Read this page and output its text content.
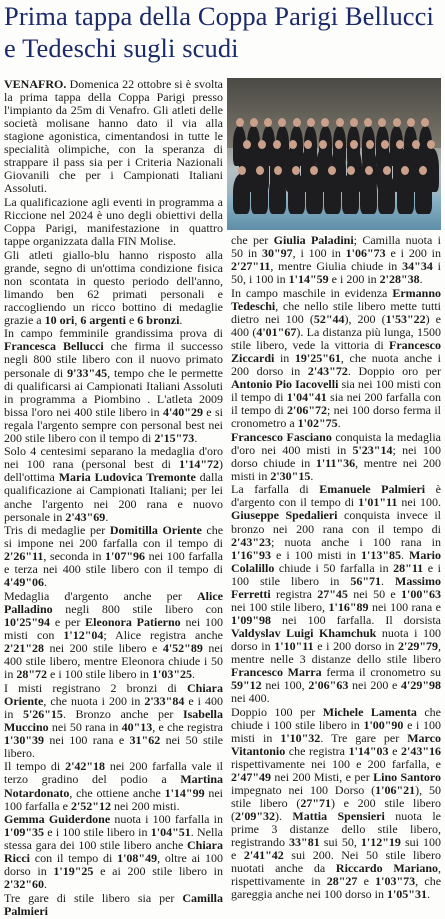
Prima tappa della Coppa Parigi Bellucci e Tedeschi sugli scudi

VENAFRO. Domenica 22 ottobre si è svolta la prima tappa della Coppa Parigi presso l'impianto da 25m di Venafro. Gli atleti delle società molisane hanno dato il via alla stagione agonistica, cimentandosi in tutte le specialità olimpiche, con la speranza di strappare il pass sia per i Criteria Nazionali Giovanili che per i Campionati Italiani Assoluti.

La qualificazione agli eventi in programma a Riccione nel 2024 è uno degli obiettivi della Coppa Parigi, manifestazione in quattro tappe organizzata dalla FIN Molise.

Gli atleti giallo-blu hanno risposto alla grande, segno di un'ottima condizione fisica non scontata in questo periodo dell'anno, limando ben 62 primati personali e raccogliendo un ricco bottino di medaglie grazie a 10 ori, 6 argenti e 6 bronzi.

In campo femminile grandissima prova di Francesca Bellucci che firma il successo negli 800 stile libero con il nuovo primato personale di 9'33"45, tempo che le permette di qualificarsi ai Campionati Italiani Assoluti in programma a Piombino . L'atleta 2009 bissa l'oro nei 400 stile libero in 4'40"29 e si regala l'argento sempre con personal best nei 200 stile libero con il tempo di 2'15"73.

Solo 4 centesimi separano la medaglia d'oro nei 100 rana (personal best di 1'14"72) dell'ottima Maria Ludovica Tremonte dalla qualificazione ai Campionati Italiani; per lei anche l'argento nei 200 rana e nuovo personale in 2'43"69.

Tris di medaglie per Domitilla Oriente che si impone nei 200 farfalla con il tempo di 2'26"11, seconda in 1'07"96 nei 100 farfalla e terza nei 400 stile libero con il tempo di 4'49"06.

Medaglia d'argento anche per Alice Palladino negli 800 stile libero con 10'25"94 e per Eleonora Patierno nei 100 misti con 1'12"04; Alice registra anche 2'21"28 nei 200 stile libero e 4'52"89 nei 400 stile libero, mentre Eleonora chiude i 50 in 28"72 e i 100 stile libero in 1'03"25.

I misti registrano 2 bronzi di Chiara Oriente, che nuota i 200 in 2'33"84 e i 400 in 5'26"15. Bronzo anche per Isabella Muccino nei 50 rana in 40"13, e che registra 1'30"39 nei 100 rana e 31"62 nei 50 stile libero.

Il tempo di 2'42"18 nei 200 farfalla vale il terzo gradino del podio a Martina Notardonato, che ottiene anche 1'14"99 nei 100 farfalla e 2'52"12 nei 200 misti.

Gemma Guiderdone nuota i 100 farfalla in 1'09"35 e i 100 stile libero in 1'04"51. Nella stessa gara dei 100 stile libero anche Chiara Ricci con il tempo di 1'08"49, oltre ai 100 dorso in 1'19"25 e ai 200 stile libero in 2'32"60.

Tre gare di stile libero sia per Camilla Palmieri

che per Giulia Paladini; Camilla nuota i 50 in 30"97, i 100 in 1'06"73 e i 200 in 2'27"11, mentre Giulia chiude in 34"34 i 50, i 100 in 1'14"59 e i 200 in 2'28"38.

In campo maschile in evidenza Ermanno Tedeschi, che nello stile libero mette tutti dietro nei 100 (52"44), 200 (1'53"22) e 400 (4'01"67). La distanza più lunga, 1500 stile libero, vede la vittoria di Francesco Ziccardi in 19'25"61, che nuota anche i 200 dorso in 2'43"72. Doppio oro per Antonio Pio Iacovelli sia nei 100 misti con il tempo di 1'04"41 sia nei 200 farfalla con il tempo di 2'06"72; nei 100 dorso ferma il cronometro a 1'02"75.

Francesco Fasciano conquista la medaglia d'oro nei 400 misti in 5'23"14; nei 100 dorso chiude in 1'11"36, mentre nei 200 misti in 2'30"15.

La farfalla di Emanuele Palmieri è d'argento con il tempo di 1'01"11 nei 100. Giuseppe Spedalieri conquista invece il bronzo nei 200 rana con il tempo di 2'43"23; nuota anche i 100 rana in 1'16"93 e i 100 misti in 1'13"85. Mario Colalillo chiude i 50 farfalla in 28"11 e i 100 stile libero in 56"71. Massimo Ferretti registra 27"45 nei 50 e 1'00"63 nei 100 stile libero, 1'16"89 nei 100 rana e 1'09"98 nei 100 farfalla. Il dorsista Valdyslav Luigi Khamchuk nuota i 100 dorso in 1'10"11 e i 200 dorso in 2'29"79, mentre nelle 3 distanze dello stile libero Francesco Marra ferma il cronometro su 59"12 nei 100, 2'06"63 nei 200 e 4'29"98 nei 400.

Doppio 100 per Michele Lamenta che chiude i 100 stile libero in 1'00"90 e i 100 misti in 1'10"32. Tre gare per Marco Vitantonio che registra 1'14"03 e 2'43"16 rispettivamente nei 100 e 200 farfalla, e 2'47"49 nei 200 Misti, e per Lino Santoro impegnato nei 100 Dorso (1'06"21), 50 stile libero (27"71) e 200 stile libero (2'09"32). Mattia Spensieri nuota le prime 3 distanze dello stile libero, registrando 33"81 sui 50, 1'12"19 sui 100 e 2'41"42 sui 200. Nei 50 stile libero nuotati anche da Riccardo Mariano, rispettivamente in 28"27 e 1'03"73, che gareggia anche nei 100 dorso in 1'05"31.
